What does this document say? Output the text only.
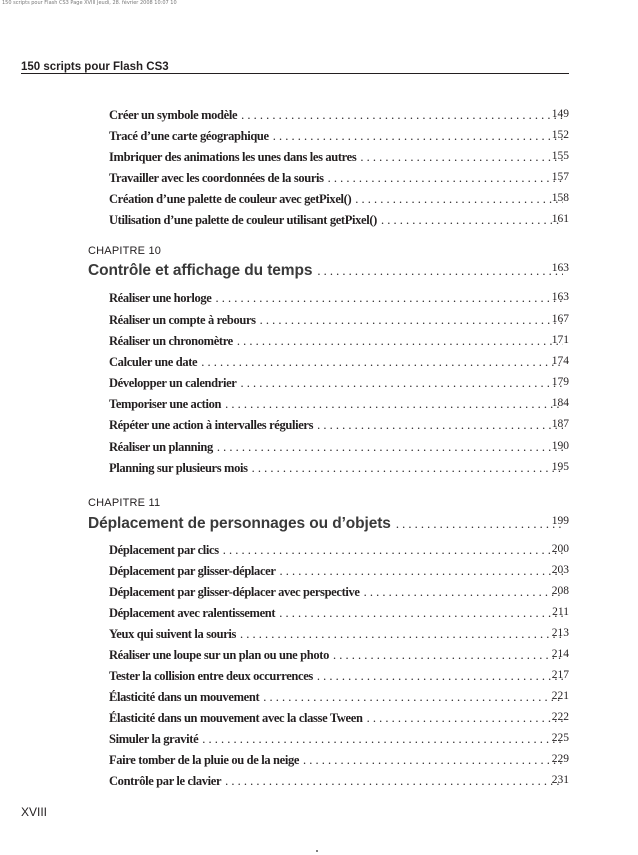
150 scripts pour Flash CS3 Page XVIII Jeudi, 28. février 2008 10:07 10
150 scripts pour Flash CS3
Créer un symbole modèle . . .	149
Tracé d’une carte géographique . . .	152
Imbriquer des animations les unes dans les autres . . .	155
Travailler avec les coordonnées de la souris . . .	157
Création d’une palette de couleur avec getPixel() . . .	158
Utilisation d’une palette de couleur utilisant getPixel() . . .	161
CHAPITRE 10
Contrôle et affichage du temps . . .	163
Réaliser une horloge . . .	163
Réaliser un compte à rebours . . .	167
Réaliser un chronomètre . . .	171
Calculer une date . . .	174
Développer un calendrier . . .	179
Temporiser une action . . .	184
Répéter une action à intervalles réguliers . . .	187
Réaliser un planning . . .	190
Planning sur plusieurs mois . . .	195
CHAPITRE 11
Déplacement de personnages ou d’objets . . .	199
Déplacement par clics . . .	200
Déplacement par glisser-déplacer . . .	203
Déplacement par glisser-déplacer avec perspective . . .	208
Déplacement avec ralentissement . . .	211
Yeux qui suivent la souris . . .	213
Réaliser une loupe sur un plan ou une photo . . .	214
Tester la collision entre deux occurrences . . .	217
Élasticité dans un mouvement . . .	221
Élasticité dans un mouvement avec la classe Tween . . .	222
Simuler la gravité . . .	225
Faire tomber de la pluie ou de la neige . . .	229
Contrôle par le clavier . . .	231
XVIII
